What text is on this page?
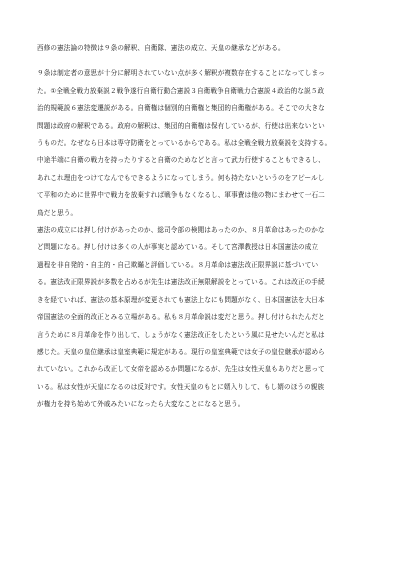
西修の憲法論の特徴は９条の解釈、自衛隊、憲法の成立、天皇の継承などがある。
９条は制定者の意思が十分に解明されていない点が多く解釈が複数存在することになってしまっ
た。①全戦全戦力放棄説２戦争遂行自衛行動合憲説３自衛戦争自衛戦力合憲説４政治的な説５政
治的規範説６憲法変遷説がある。自衛権は個別的自衛権と集団的自衛権がある。そこでの大きな
問題は政府の解釈である。政府の解釈は、集団的自衛権は保有しているが、行使は出来ないとい
うものだ。なぜなら日本は専守防衛をとっているからである。私は全戦全戦力放棄説を支持する。
中途半端に自衛の戦力を持ったりすると自衛のためなどと言って武力行使することもできるし、
あれこれ理由をつけてなんでもできるようになってしまう。何も持たないというのをアピールし
て平和のために世界中で戦力を放棄すれば戦争もなくなるし、軍事費は他の物にまわせて一石二
鳥だと思う。
憲法の成立には押し付けがあったのか、総司令部の検閲はあったのか、８月革命はあったのかな
ど問題になる。押し付けは多くの人が事実と認めている。そして宮澤教授は日本国憲法の成立
過程を非自発的・自主的・自己欺瞞と評価している。８月革命は憲法改正限界説に基づいてい
る。憲法改正限界説が多数を占めるが先生は憲法改正無限解説をとっている。これは改正の手続
きを経ていれば、憲法の基本原理が変更されても憲法上なにも問題がなく、日本国憲法を大日本
帝国憲法の全面的改正とみる立場がある。私も８月革命説は変だと思う。押し付けられたんだと
言うために８月革命を作り出して、しょうがなく憲法改正をしたという風に見せたいんだと私は
感じた。天皇の皇位継承は皇室典範に規定がある。現行の皇室典範では女子の皇位継承が認めら
れていない。これから改正して女帝を認めるか問題になるが、先生は女性天皇もありだと思って
いる。私は女性が天皇になるのは反対です。女性天皇のもとに婿入りして、もし婿のほうの親族
が権力を持ち始めて外戚みたいになったら大変なことになると思う。
